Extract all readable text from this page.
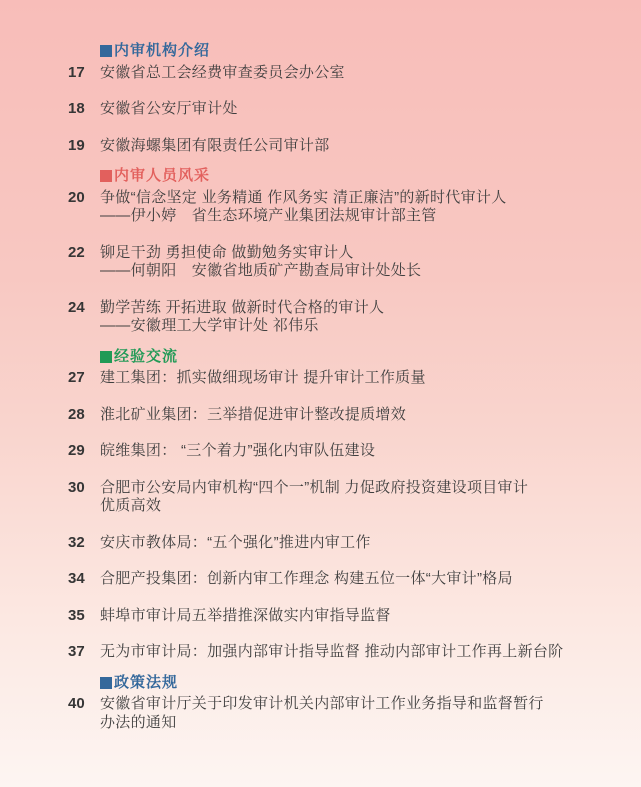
内审机构介绍
17	安徽省总工会经费审查委员会办公室
18	安徽省公安厅审计处
19	安徽海螺集团有限责任公司审计部
内审人员风采
20	争做“信念坚定 业务精通 作风务实 清正廉洁”的新时代审计人
——伊小婷　省生态环境产业集团法规审计部主管
22	铆足干劲 勇担使命 做勤勉务实审计人
——何朝阳　安徽省地质矿产勘查局审计处处长
24	勤学苦练 开拓进取 做新时代合格的审计人
——安徽理工大学审计处 祁伟乐
经验交流
27	建工集团：抓实做细现场审计 提升审计工作质量
28	淮北矿业集团：三举措促进审计整改提质增效
29	皖维集团： “三个着力”强化内审队伍建设
30	合肥市公安局内审机构“四个一”机制 力促政府投资建设项目审计
优质高效
32	安庆市教体局：“五个强化”推进内审工作
34	合肥产投集团：创新内审工作理念 构建五位一体“大审计”格局
35	蚌埠市审计局五举措推深做实内审指导监督
37	无为市审计局：加强内部审计指导监督 推动内部审计工作再上新台阶
政策法规
40	安徽省审计厅关于印发审计机关内部审计工作业务指导和监督暂行
办法的通知
